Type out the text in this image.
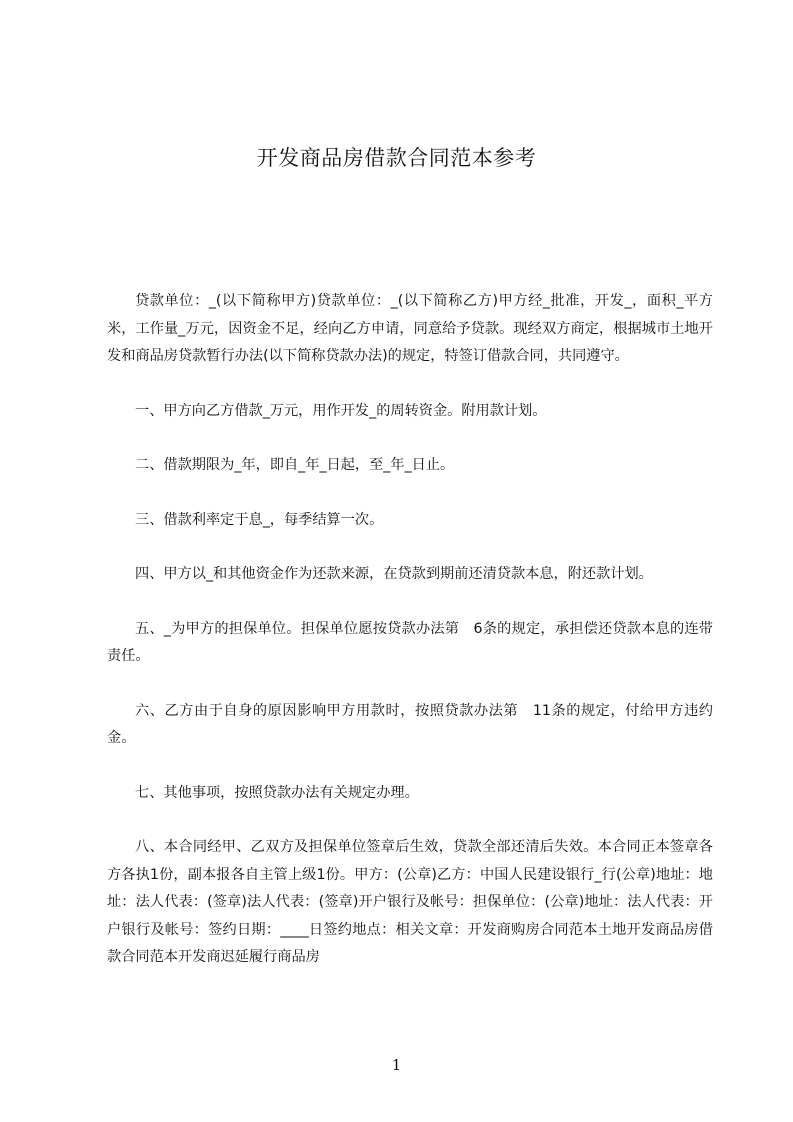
开发商品房借款合同范本参考

贷款单位：_(以下简称甲方)贷款单位：_(以下简称乙方)甲方经_批准，开发_，面积_平方米，工作量_万元，因资金不足，经向乙方申请，同意给予贷款。现经双方商定，根据城市土地开发和商品房贷款暂行办法(以下简称贷款办法)的规定，特签订借款合同，共同遵守。

一、甲方向乙方借款_万元，用作开发_的周转资金。附用款计划。

二、借款期限为_年，即自_年_日起，至_年_日止。

三、借款利率定于息_，每季结算一次。

四、甲方以_和其他资金作为还款来源，在贷款到期前还清贷款本息，附还款计划。

五、_为甲方的担保单位。担保单位愿按贷款办法第　6条的规定，承担偿还贷款本息的连带责任。

六、乙方由于自身的原因影响甲方用款时，按照贷款办法第　11条的规定，付给甲方违约金。

七、其他事项，按照贷款办法有关规定办理。

八、本合同经甲、乙双方及担保单位签章后生效，贷款全部还清后失效。本合同正本签章各方各执1份，副本报各自主管上级1份。甲方：(公章)乙方：中国人民建设银行_行(公章)地址：地址：法人代表：(签章)法人代表：(签章)开户银行及帐号：担保单位：(公章)地址：法人代表：开户银行及帐号：签约日期：____日签约地点：相关文章：开发商购房合同范本土地开发商品房借款合同范本开发商迟延履行商品房

1
